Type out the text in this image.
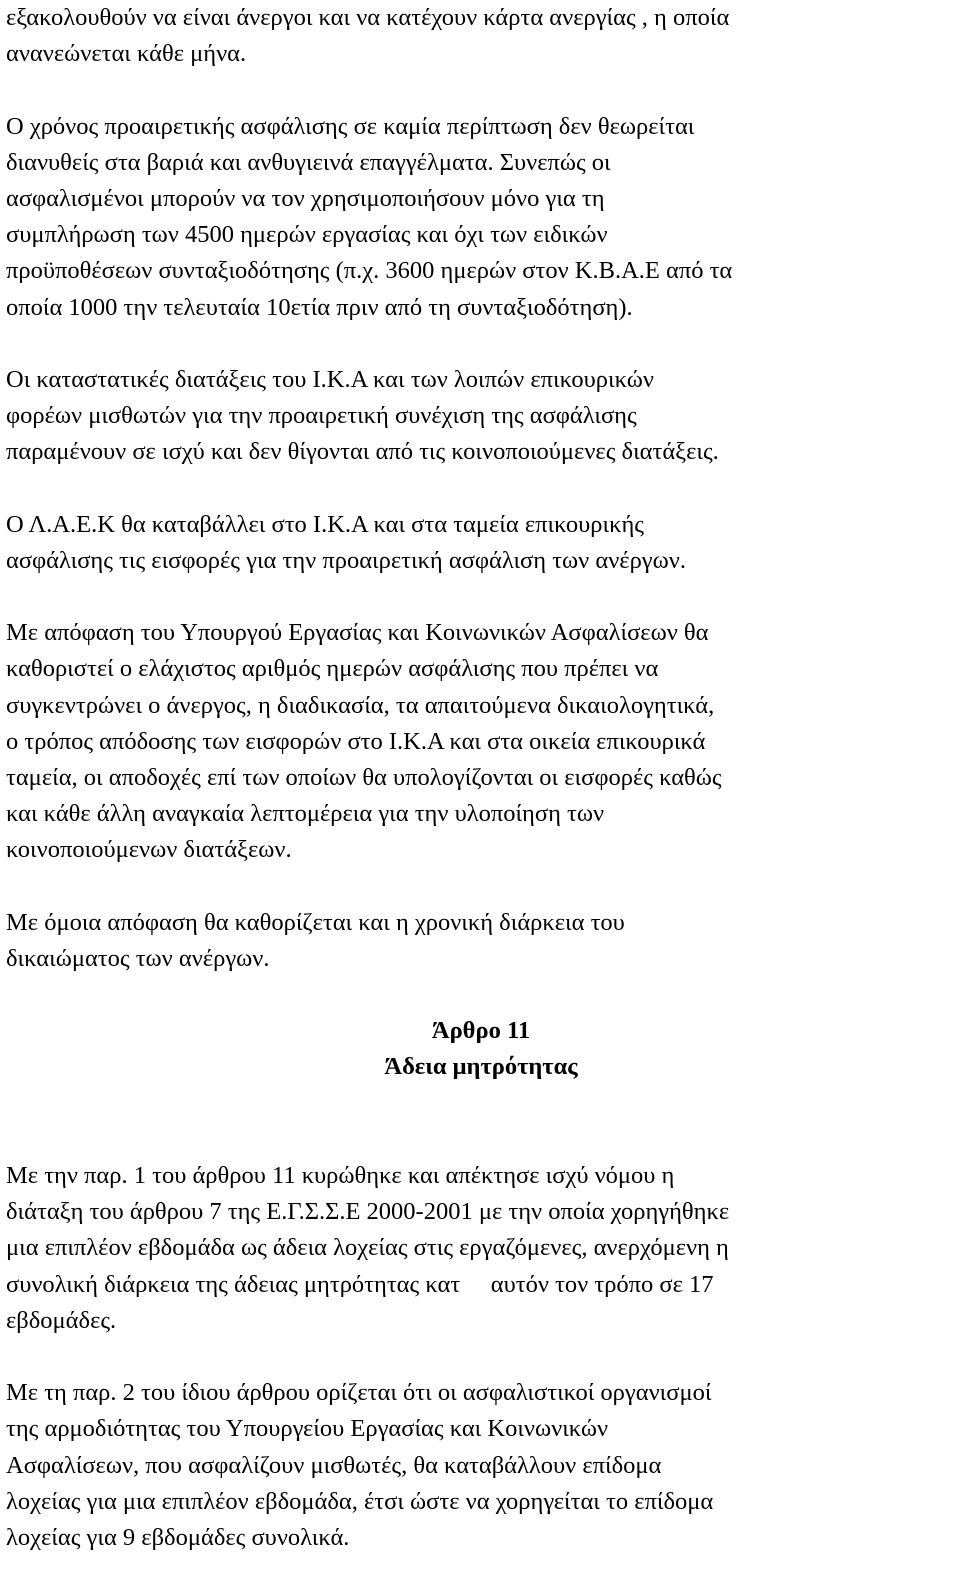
εξακολουθούν να είναι άνεργοι και να κατέχουν κάρτα ανεργίας , η οποία
ανανεώνεται κάθε μήνα.
Ο χρόνος προαιρετικής ασφάλισης σε καμία περίπτωση δεν θεωρείται
διανυθείς στα βαριά και ανθυγιεινά επαγγέλματα. Συνεπώς οι
ασφαλισμένοι μπορούν να τον χρησιμοποιήσουν μόνο για τη
συμπλήρωση των 4500 ημερών εργασίας και όχι των ειδικών
προϋποθέσεων συνταξιοδότησης (π.χ. 3600 ημερών στον Κ.Β.Α.Ε από τα
οποία 1000 την τελευταία 10ετία πριν από τη συνταξιοδότηση).
Οι καταστατικές διατάξεις του Ι.Κ.Α και των λοιπών επικουρικών
φορέων μισθωτών για την προαιρετική συνέχιση της ασφάλισης
παραμένουν σε ισχύ και δεν θίγονται από τις κοινοποιούμενες διατάξεις.
Ο Λ.Α.Ε.Κ θα καταβάλλει στο Ι.Κ.Α και στα ταμεία επικουρικής
ασφάλισης τις εισφορές για την προαιρετική ασφάλιση των ανέργων.
Με απόφαση του Υπουργού Εργασίας και Κοινωνικών Ασφαλίσεων θα
καθοριστεί ο ελάχιστος αριθμός ημερών ασφάλισης που πρέπει να
συγκεντρώνει ο άνεργος, η διαδικασία, τα απαιτούμενα δικαιολογητικά,
ο τρόπος απόδοσης των εισφορών στο Ι.Κ.Α και στα οικεία επικουρικά
ταμεία, οι αποδοχές επί των οποίων θα υπολογίζονται οι εισφορές καθώς
και κάθε άλλη αναγκαία λεπτομέρεια για την υλοποίηση των
κοινοποιούμενων διατάξεων.
Με όμοια απόφαση θα καθορίζεται και η χρονική διάρκεια του
δικαιώματος των ανέργων.
Άρθρο 11
Άδεια μητρότητας
Με την παρ. 1 του άρθρου 11 κυρώθηκε και απέκτησε ισχύ νόμου η
διάταξη του άρθρου 7 της Ε.Γ.Σ.Σ.Ε 2000-2001 με την οποία χορηγήθηκε
μια επιπλέον εβδομάδα ως άδεια λοχείας στις εργαζόμενες, ανερχόμενη η
συνολική διάρκεια της άδειας μητρότητας κατ     αυτόν τον τρόπο σε 17
εβδομάδες.
Με τη παρ. 2 του ίδιου άρθρου ορίζεται ότι οι ασφαλιστικοί οργανισμοί
της αρμοδιότητας του Υπουργείου Εργασίας και Κοινωνικών
Ασφαλίσεων, που ασφαλίζουν μισθωτές, θα καταβάλλουν επίδομα
λοχείας για μια επιπλέον εβδομάδα, έτσι ώστε να χορηγείται το επίδομα
λοχείας για 9 εβδομάδες συνολικά.
